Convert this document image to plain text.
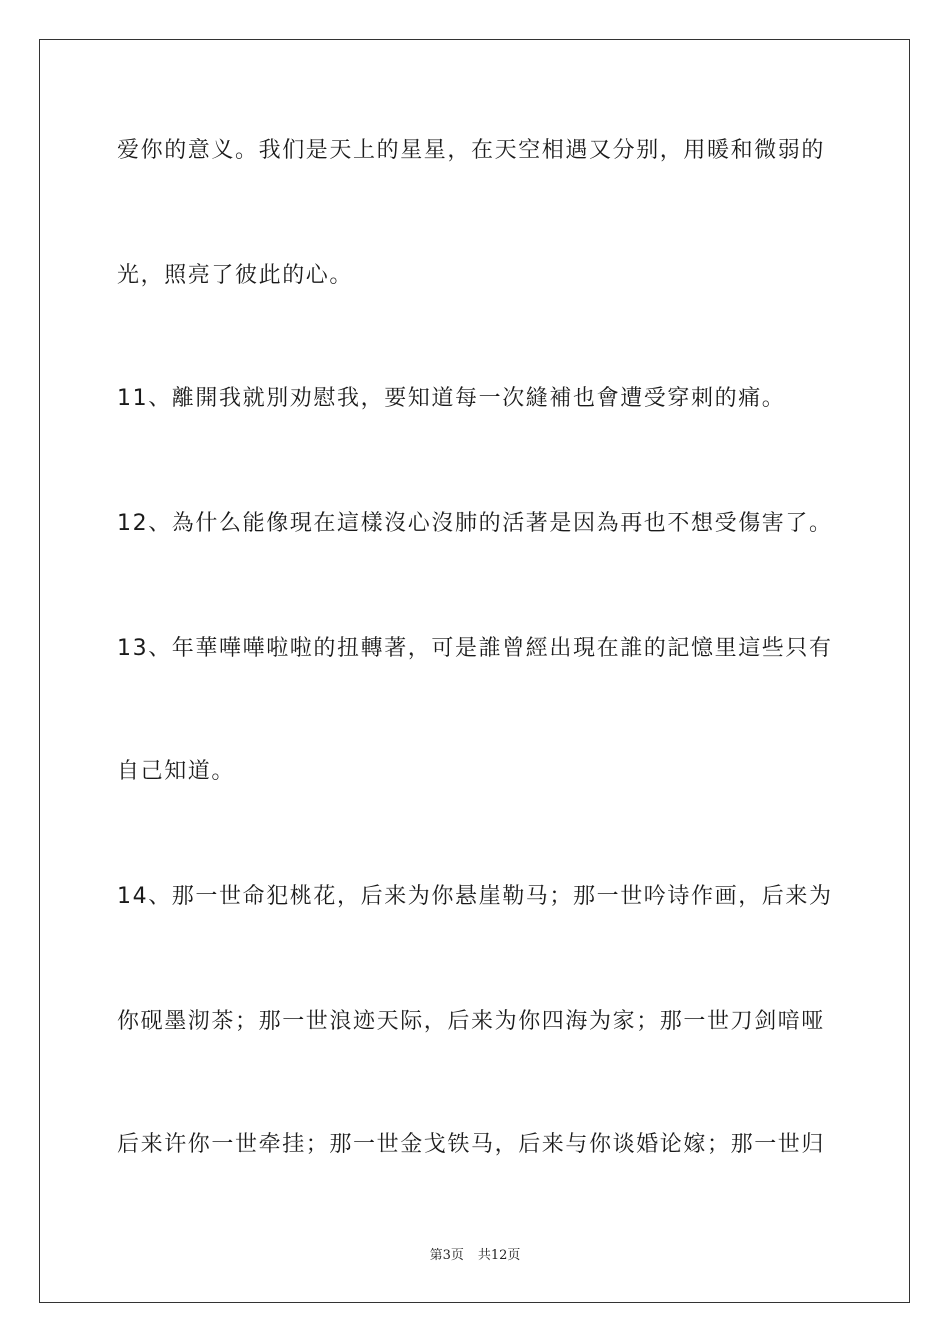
爱你的意义。我们是天上的星星，在天空相遇又分别，用暖和微弱的

光，照亮了彼此的心。

11、離開我就別劝慰我，要知道每一次縫補也會遭受穿刺的痛。

12、為什么能像現在這樣沒心沒肺的活著是因為再也不想受傷害了。

13、年華嘩嘩啦啦的扭轉著，可是誰曾經出現在誰的記憶里這些只有

自己知道。

14、那一世命犯桃花，后来为你悬崖勒马；那一世吟诗作画，后来为

你砚墨沏茶；那一世浪迹天际，后来为你四海为家；那一世刀剑喑哑

后来许你一世牵挂；那一世金戈铁马，后来与你谈婚论嫁；那一世归

第3页 共12页
